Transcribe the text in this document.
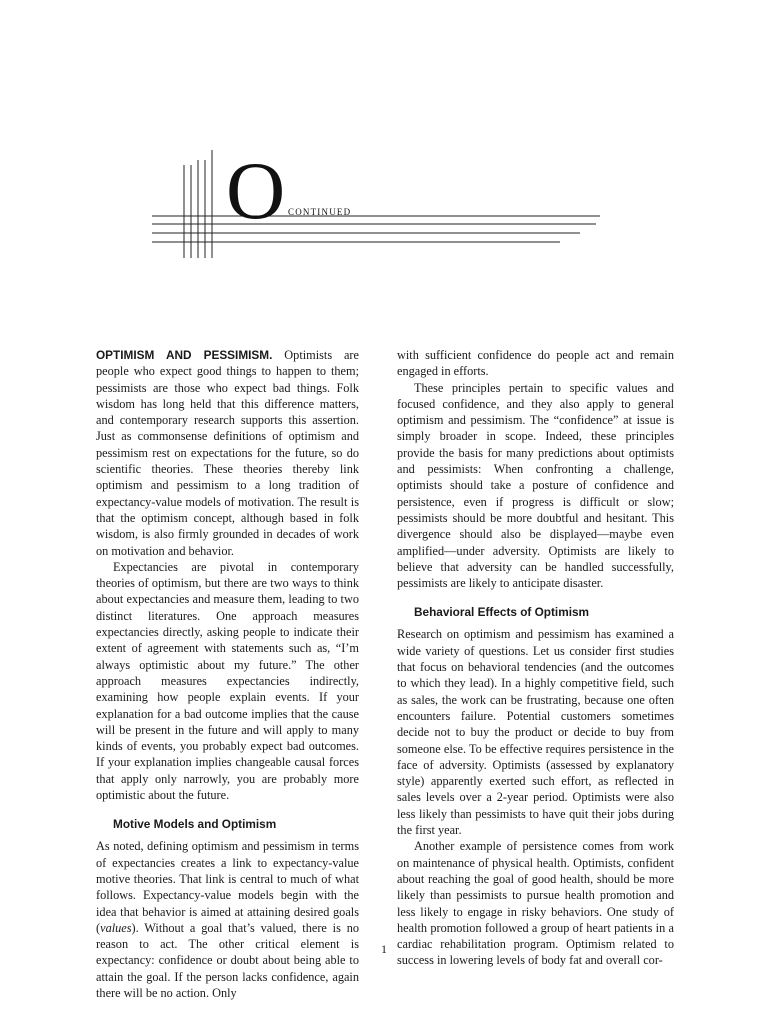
O CONTINUED

OPTIMISM AND PESSIMISM. Optimists are people who expect good things to happen to them; pessimists are those who expect bad things. Folk wisdom has long held that this difference matters, and contemporary research supports this assertion. Just as commonsense definitions of optimism and pessimism rest on expectations for the future, so do scientific theories. These theories thereby link optimism and pessimism to a long tradition of expectancy-value models of motivation. The result is that the optimism concept, although based in folk wisdom, is also firmly grounded in decades of work on motivation and behavior.

Expectancies are pivotal in contemporary theories of optimism, but there are two ways to think about expectancies and measure them, leading to two distinct literatures. One approach measures expectancies directly, asking people to indicate their extent of agreement with statements such as, “I’m always optimistic about my future.” The other approach measures expectancies indirectly, examining how people explain events. If your explanation for a bad outcome implies that the cause will be present in the future and will apply to many kinds of events, you probably expect bad outcomes. If your explanation implies changeable causal forces that apply only narrowly, you are probably more optimistic about the future.

Motive Models and Optimism

As noted, defining optimism and pessimism in terms of expectancies creates a link to expectancy-value motive theories. That link is central to much of what follows. Expectancy-value models begin with the idea that behavior is aimed at attaining desired goals (values). Without a goal that’s valued, there is no reason to act. The other critical element is expectancy: confidence or doubt about being able to attain the goal. If the person lacks confidence, again there will be no action. Only

with sufficient confidence do people act and remain engaged in efforts.

These principles pertain to specific values and focused confidence, and they also apply to general optimism and pessimism. The “confidence” at issue is simply broader in scope. Indeed, these principles provide the basis for many predictions about optimists and pessimists: When confronting a challenge, optimists should take a posture of confidence and persistence, even if progress is difficult or slow; pessimists should be more doubtful and hesitant. This divergence should also be displayed—maybe even amplified—under adversity. Optimists are likely to believe that adversity can be handled successfully, pessimists are likely to anticipate disaster.

Behavioral Effects of Optimism

Research on optimism and pessimism has examined a wide variety of questions. Let us consider first studies that focus on behavioral tendencies (and the outcomes to which they lead). In a highly competitive field, such as sales, the work can be frustrating, because one often encounters failure. Potential customers sometimes decide not to buy the product or decide to buy from someone else. To be effective requires persistence in the face of adversity. Optimists (assessed by explanatory style) apparently exerted such effort, as reflected in sales levels over a 2-year period. Optimists were also less likely than pessimists to have quit their jobs during the first year.

Another example of persistence comes from work on maintenance of physical health. Optimists, confident about reaching the goal of good health, should be more likely than pessimists to pursue health promotion and less likely to engage in risky behaviors. One study of health promotion followed a group of heart patients in a cardiac rehabilitation program. Optimism related to success in lowering levels of body fat and overall cor-

1
